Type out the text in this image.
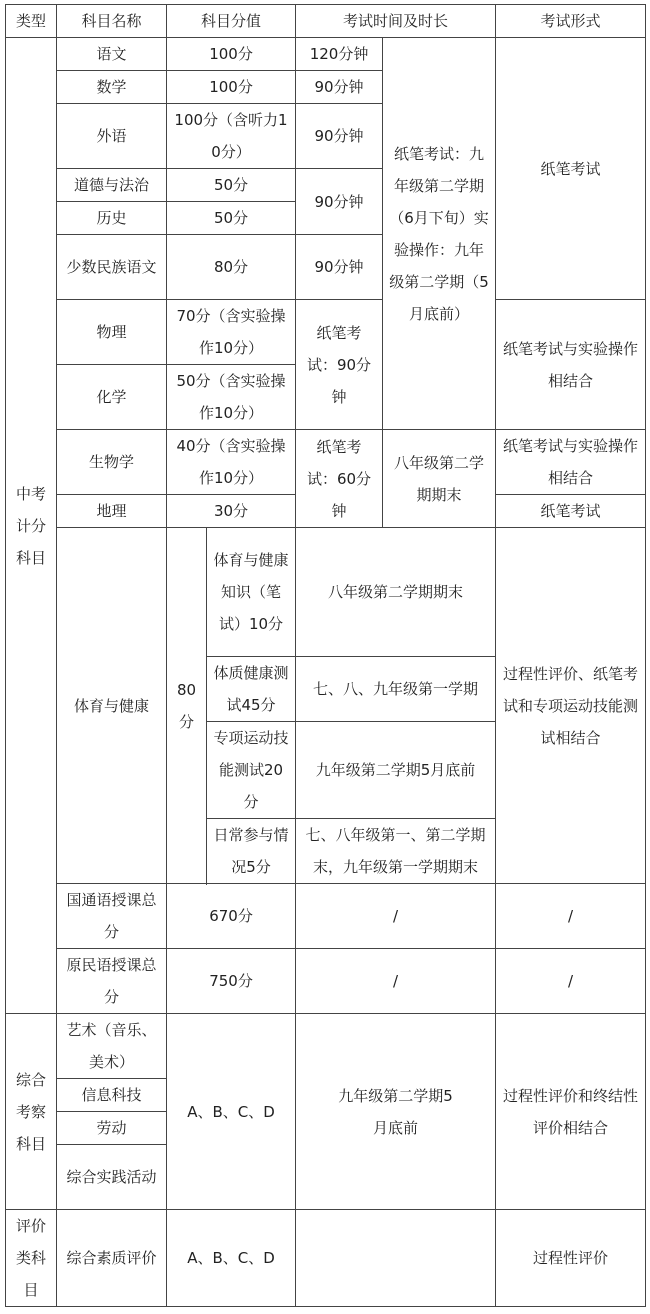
类型	科目名称	科目分值		考试时间及时长		考试形式
中考计分科目	语文	100分		120分钟	纸笔考试：九年级第二学期（6月下旬）实验操作：九年级第二学期（5月底前）	纸笔考试
	数学	100分		90分钟		
	外语	100分（含听力10分）		90分钟		
	道德与法治	50分		90分钟		
	历史	50分				
	少数民族语文	80分		90分钟		
	物理	70分（含实验操作10分）		纸笔考试：90分钟		纸笔考试与实验操作相结合
	化学	50分（含实验操作10分）				
	生物学	40分（含实验操作10分）		纸笔考试：60分钟	八年级第二学期期末	纸笔考试与实验操作相结合
	地理	30分				纸笔考试
	体育与健康	80分	体育与健康知识（笔试）10分	八年级第二学期期末		过程性评价、纸笔考试和专项运动技能测试相结合

			体质健康测试45分	七、八、九年级第一学期		

			专项运动技能测试20分	九年级第二学期5月底前		

			日常参与情况5分	七、八年级第一、第二学期末，九年级第一学期期末		

	国通语授课总分	670分		/		/
	原民语授课总分	750分		/		/
综合考察科目	艺术（音乐、美术）	A、B、C、D		九年级第二学期5月底前		过程性评价和终结性评价相结合
	信息科技					
	劳动					
	综合实践活动					
评价类科目	综合素质评价	A、B、C、D				过程性评价
